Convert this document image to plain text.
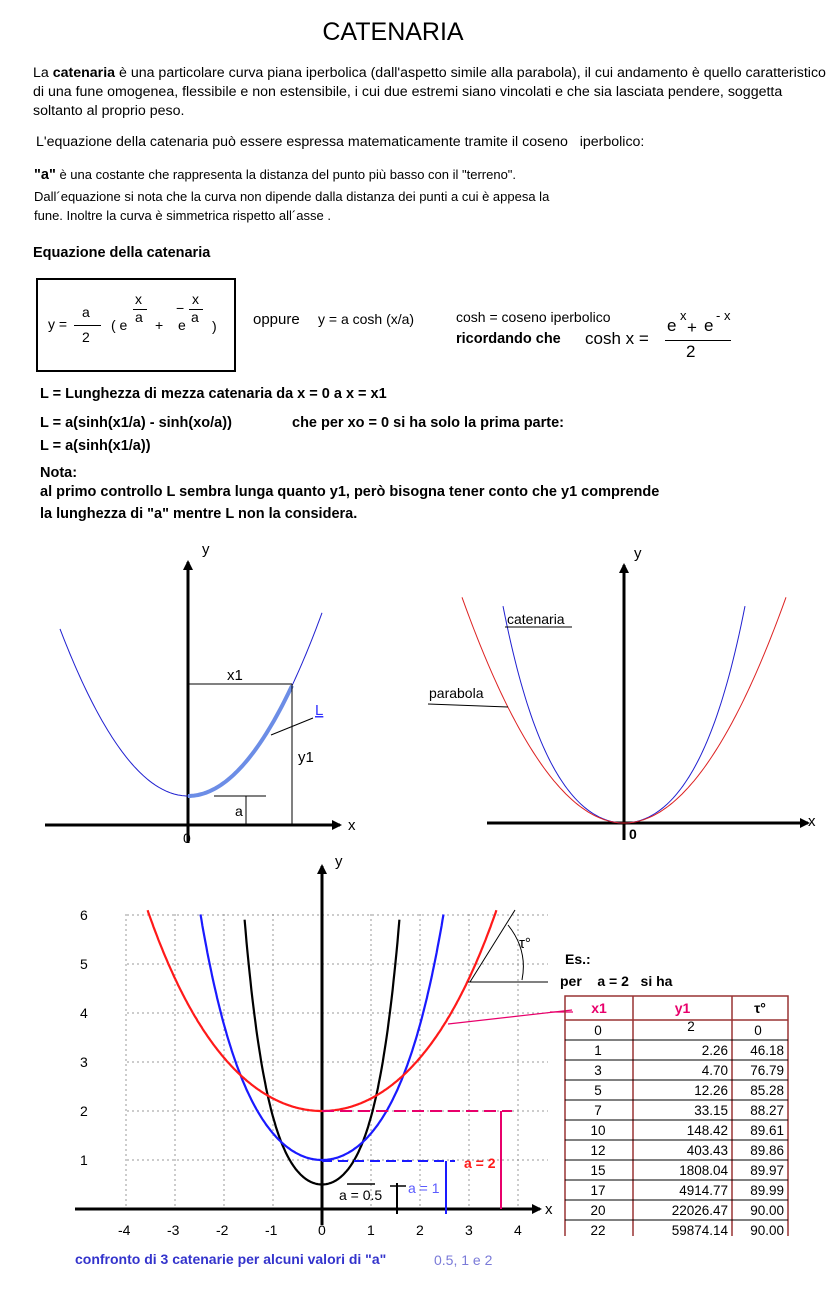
CATENARIA
La catenaria è una particolare curva piana iperbolica (dall'aspetto simile alla parabola), il cui andamento è quello caratteristico di una fune omogenea, flessibile e non estensibile, i cui due estremi siano vincolati e che sia lasciata pendere, soggetta soltanto al proprio peso.
L'equazione della catenaria può essere espressa matematicamente tramite il coseno   iperbolico:
"a" è una costante che rappresenta la distanza del punto più basso con il "terreno".
Dall´equazione si nota che la curva non dipende dalla distanza dei punti a cui è appesa la
fune. Inoltre la curva è simmetrica rispetto all´asse .
Equazione della catenaria
y =
a
2
( e
x
a + e
−
x
a
) oppure y = a cosh (x/a)	cosh = coseno iperbolico
ricordando che cosh x =
e
x
+ e
- x
2
L = Lunghezza di mezza catenaria da x = 0 a x = x1
L = a(sinh(x1/a) - sinh(xo/a))	che per xo = 0 si ha solo la prima parte:
L = a(sinh(x1/a))
Nota:
al primo controllo L sembra lunga quanto y1, però bisogna tener conto che y1 comprende
la lunghezza di "a" mentre L non la considera.
y
x
0
x1
y1
L
a
catenaria
parabola
y
x
0
-4	-3	-2	-1	0	1	2	3	4
6
5
4
3
2
1
τ°
y
x
Es.:
per    a = 2   si ha
a = 0.5 a = 1
a = 2
confronto di 3 catenarie per alcuni valori di "a"	0.5, 1 e 2
x1	y1	τ°
0	2	0
1	2.26 46.18
3	4.70 76.79
5	12.26 85.28
7	33.15 88.27
10	148.42 89.61
12	403.43 89.86
15	1808.04 89.97
17	4914.77 89.99
20	22026.47 90.00
22	59874.14 90.00
